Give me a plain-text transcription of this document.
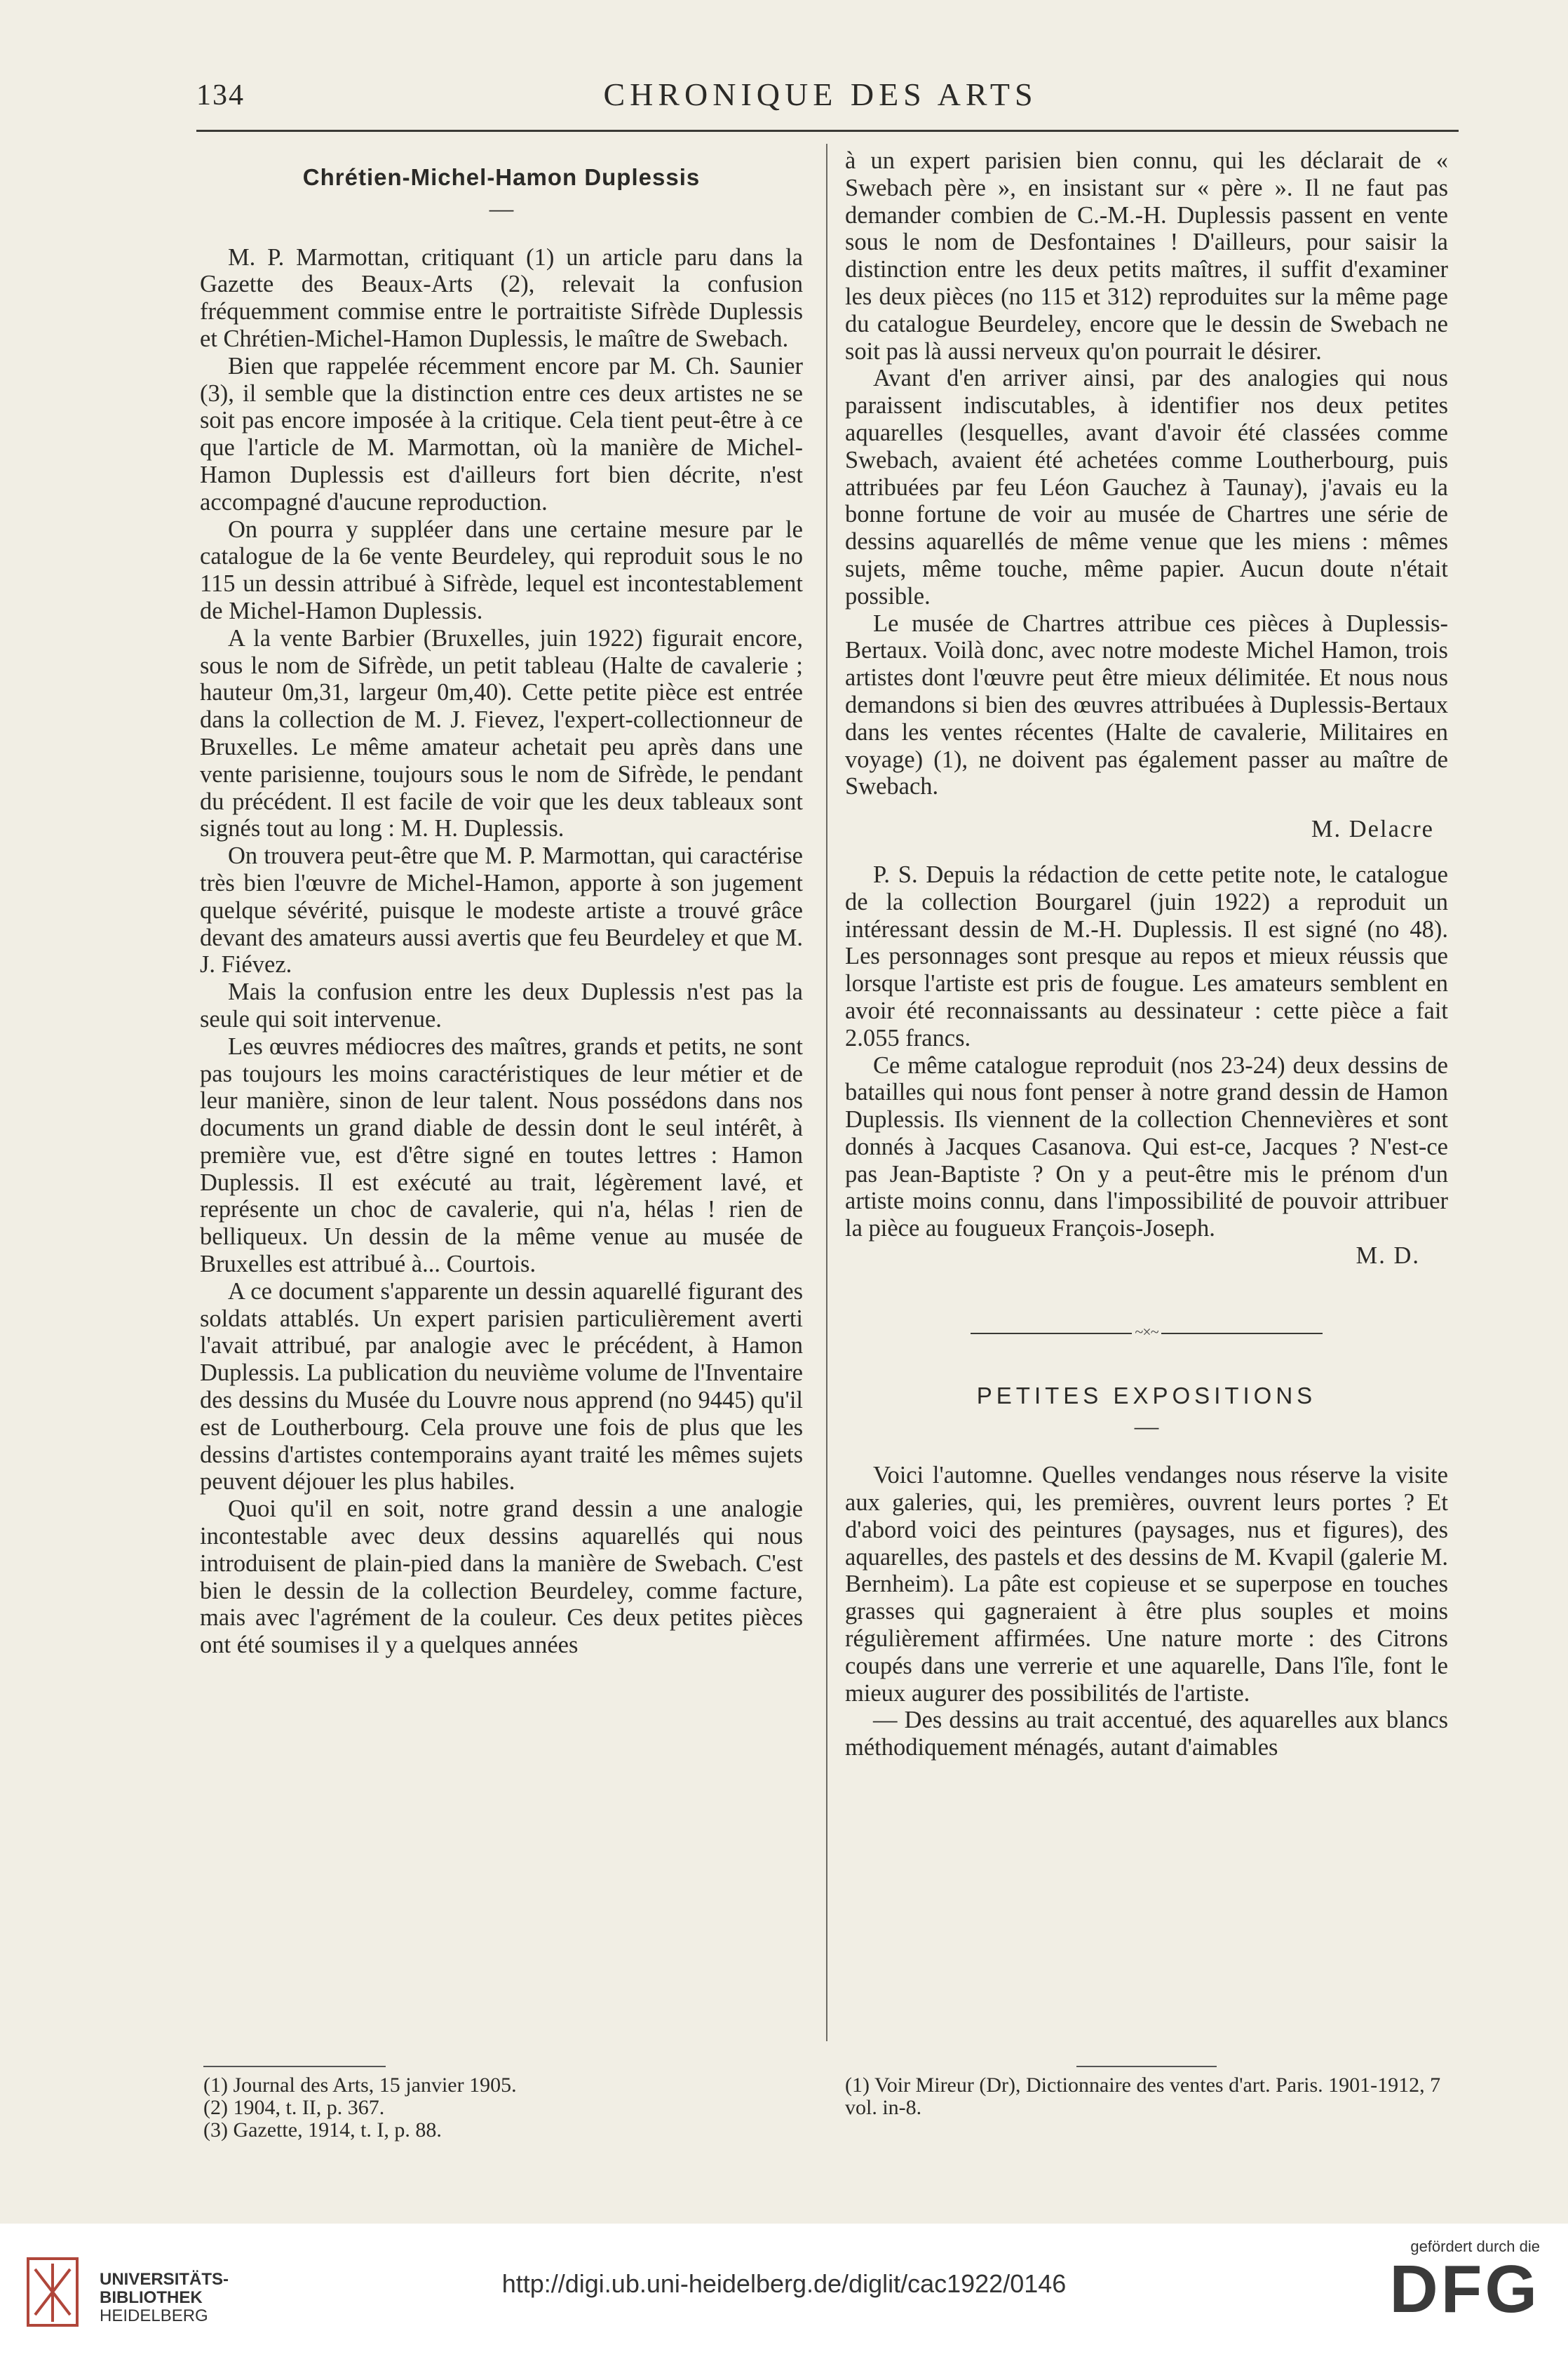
134	CHRONIQUE DES ARTS
Chrétien-Michel-Hamon Duplessis
—

M. P. Marmottan, critiquant (1) un article paru dans la Gazette des Beaux-Arts (2), relevait la confusion fréquemment commise entre le portraitiste Sifrède Duplessis et Chrétien-Michel-Hamon Duplessis, le maître de Swebach.

Bien que rappelée récemment encore par M. Ch. Saunier (3), il semble que la distinction entre ces deux artistes ne se soit pas encore imposée à la critique. Cela tient peut-être à ce que l'article de M. Marmottan, où la manière de Michel-Hamon Duplessis est d'ailleurs fort bien décrite, n'est accompagné d'aucune reproduction.

On pourra y suppléer dans une certaine mesure par le catalogue de la 6e vente Beurdeley, qui reproduit sous le no 115 un dessin attribué à Sifrède, lequel est incontestablement de Michel-Hamon Duplessis.

A la vente Barbier (Bruxelles, juin 1922) figurait encore, sous le nom de Sifrède, un petit tableau (Halte de cavalerie ; hauteur 0m,31, largeur 0m,40). Cette petite pièce est entrée dans la collection de M. J. Fievez, l'expert-collectionneur de Bruxelles. Le même amateur achetait peu après dans une vente parisienne, toujours sous le nom de Sifrède, le pendant du précédent. Il est facile de voir que les deux tableaux sont signés tout au long : M. H. Duplessis.

On trouvera peut-être que M. P. Marmottan, qui caractérise très bien l'œuvre de Michel-Hamon, apporte à son jugement quelque sévérité, puisque le modeste artiste a trouvé grâce devant des amateurs aussi avertis que feu Beurdeley et que M. J. Fiévez.

Mais la confusion entre les deux Duplessis n'est pas la seule qui soit intervenue.

Les œuvres médiocres des maîtres, grands et petits, ne sont pas toujours les moins caractéristiques de leur métier et de leur manière, sinon de leur talent. Nous possédons dans nos documents un grand diable de dessin dont le seul intérêt, à première vue, est d'être signé en toutes lettres : Hamon Duplessis. Il est exécuté au trait, légèrement lavé, et représente un choc de cavalerie, qui n'a, hélas ! rien de belliqueux. Un dessin de la même venue au musée de Bruxelles est attribué à... Courtois.

A ce document s'apparente un dessin aquarellé figurant des soldats attablés. Un expert parisien particulièrement averti l'avait attribué, par analogie avec le précédent, à Hamon Duplessis. La publication du neuvième volume de l'Inventaire des dessins du Musée du Louvre nous apprend (no 9445) qu'il est de Loutherbourg. Cela prouve une fois de plus que les dessins d'artistes contemporains ayant traité les mêmes sujets peuvent déjouer les plus habiles.

Quoi qu'il en soit, notre grand dessin a une analogie incontestable avec deux dessins aquarellés qui nous introduisent de plain-pied dans la manière de Swebach. C'est bien le dessin de la collection Beurdeley, comme facture, mais avec l'agrément de la couleur. Ces deux petites pièces ont été soumises il y a quelques années

à un expert parisien bien connu, qui les déclarait de « Swebach père », en insistant sur « père ». Il ne faut pas demander combien de C.-M.-H. Duplessis passent en vente sous le nom de Desfontaines ! D'ailleurs, pour saisir la distinction entre les deux petits maîtres, il suffit d'examiner les deux pièces (no 115 et 312) reproduites sur la même page du catalogue Beurdeley, encore que le dessin de Swebach ne soit pas là aussi nerveux qu'on pourrait le désirer.

Avant d'en arriver ainsi, par des analogies qui nous paraissent indiscutables, à identifier nos deux petites aquarelles (lesquelles, avant d'avoir été classées comme Swebach, avaient été achetées comme Loutherbourg, puis attribuées par feu Léon Gauchez à Taunay), j'avais eu la bonne fortune de voir au musée de Chartres une série de dessins aquarellés de même venue que les miens : mêmes sujets, même touche, même papier. Aucun doute n'était possible.

Le musée de Chartres attribue ces pièces à Duplessis-Bertaux. Voilà donc, avec notre modeste Michel Hamon, trois artistes dont l'œuvre peut être mieux délimitée. Et nous nous demandons si bien des œuvres attribuées à Duplessis-Bertaux dans les ventes récentes (Halte de cavalerie, Militaires en voyage) (1), ne doivent pas également passer au maître de Swebach.

M. Delacre

P. S. Depuis la rédaction de cette petite note, le catalogue de la collection Bourgarel (juin 1922) a reproduit un intéressant dessin de M.-H. Duplessis. Il est signé (no 48). Les personnages sont presque au repos et mieux réussis que lorsque l'artiste est pris de fougue. Les amateurs semblent en avoir été reconnaissants au dessinateur : cette pièce a fait 2.055 francs.

Ce même catalogue reproduit (nos 23-24) deux dessins de batailles qui nous font penser à notre grand dessin de Hamon Duplessis. Ils viennent de la collection Chennevières et sont donnés à Jacques Casanova. Qui est-ce, Jacques ? N'est-ce pas Jean-Baptiste ? On y a peut-être mis le prénom d'un artiste moins connu, dans l'impossibilité de pouvoir attribuer la pièce au fougueux François-Joseph.

M. D.
~×~
PETITES EXPOSITIONS
—

Voici l'automne. Quelles vendanges nous réserve la visite aux galeries, qui, les premières, ouvrent leurs portes ? Et d'abord voici des peintures (paysages, nus et figures), des aquarelles, des pastels et des dessins de M. Kvapil (galerie M. Bernheim). La pâte est copieuse et se superpose en touches grasses qui gagneraient à être plus souples et moins régulièrement affirmées. Une nature morte : des Citrons coupés dans une verrerie et une aquarelle, Dans l'île, font le mieux augurer des possibilités de l'artiste.

— Des dessins au trait accentué, des aquarelles aux blancs méthodiquement ménagés, autant d'aimables

(1) Journal des Arts, 15 janvier 1905.

(2) 1904, t. II, p. 367.

(3) Gazette, 1914, t. I, p. 88.

(1) Voir Mireur (Dr), Dictionnaire des ventes d'art. Paris. 1901-1912, 7 vol. in-8.

UNIVERSITÄTS-
BIBLIOTHEK
HEIDELBERG
http://digi.ub.uni-heidelberg.de/diglit/cac1922/0146
gefördert durch die
DFG
